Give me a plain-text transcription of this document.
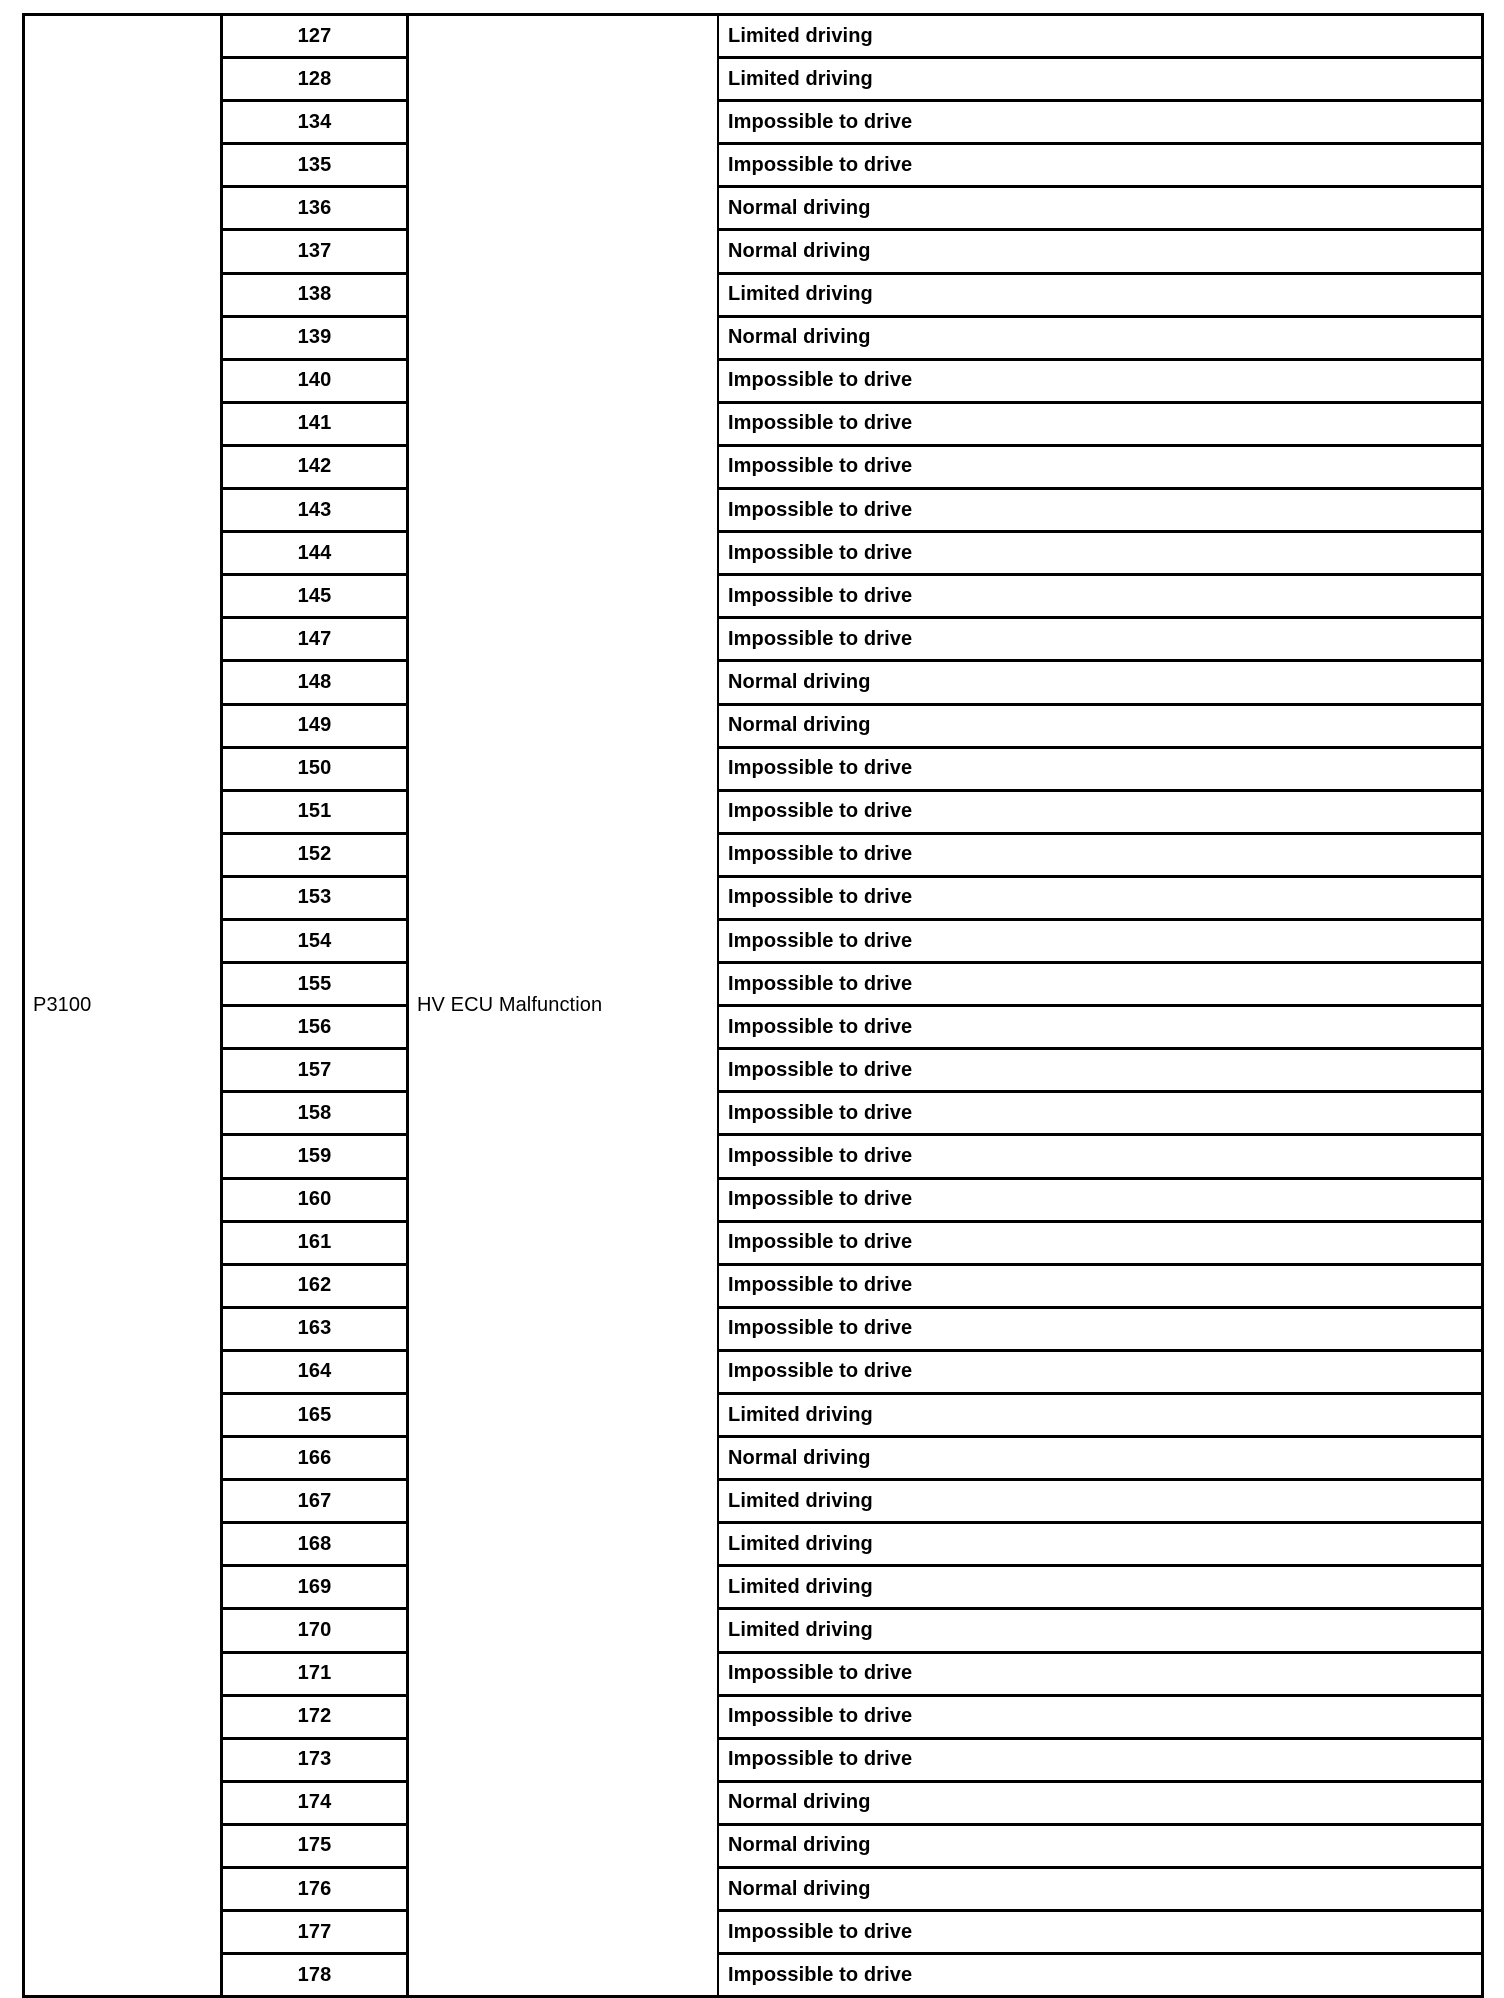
P3100	127	HV ECU Malfunction	Limited driving
	128		Limited driving
	134		Impossible to drive
	135		Impossible to drive
	136		Normal driving
	137		Normal driving
	138		Limited driving
	139		Normal driving
	140		Impossible to drive
	141		Impossible to drive
	142		Impossible to drive
	143		Impossible to drive
	144		Impossible to drive
	145		Impossible to drive
	147		Impossible to drive
	148		Normal driving
	149		Normal driving
	150		Impossible to drive
	151		Impossible to drive
	152		Impossible to drive
	153		Impossible to drive
	154		Impossible to drive
	155		Impossible to drive
	156		Impossible to drive
	157		Impossible to drive
	158		Impossible to drive
	159		Impossible to drive
	160		Impossible to drive
	161		Impossible to drive
	162		Impossible to drive
	163		Impossible to drive
	164		Impossible to drive
	165		Limited driving
	166		Normal driving
	167		Limited driving
	168		Limited driving
	169		Limited driving
	170		Limited driving
	171		Impossible to drive
	172		Impossible to drive
	173		Impossible to drive
	174		Normal driving
	175		Normal driving
	176		Normal driving
	177		Impossible to drive
	178		Impossible to drive
